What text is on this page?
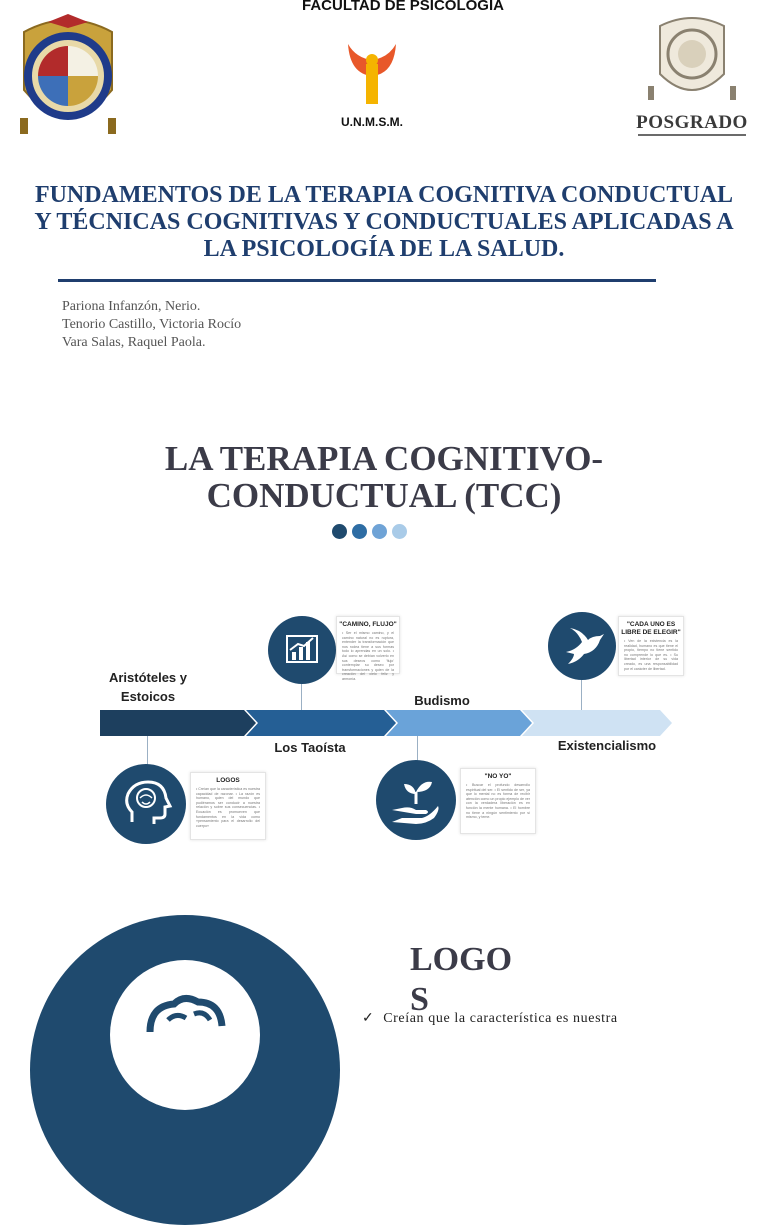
FACULTAD DE PSICOLOGIA
U.N.M.S.M.	POSGRADO
FUNDAMENTOS DE LA TERAPIA COGNITIVA CONDUCTUAL Y TÉCNICAS COGNITIVAS Y CONDUCTUALES APLICADAS A LA PSICOLOGÍA DE LA SALUD.
Pariona Infanzón, Nerio.
Tenorio Castillo, Victoria Rocío
Vara Salas, Raquel Paola.
LA TERAPIA COGNITIVO-CONDUCTUAL (TCC)
Aristóteles y Estoicos
Los Taoísta
Budismo
Existencialismo
"CAMINO, FLUJO"
• Ser el mismo camino, y el camino natural no es ruptura, entender la transformación que nos rodea tiene a sus formas todo lo aprendas en un solo. • Así como se debían volverlo en sus deseos como 'flujo' contemplar su deseo por transformaciones y quien de la creación del cielo feliz y armonía.
"CADA UNO ES LIBRE DE ELEGIR"
• Ven de la existencia es la realidad, humano es que tiene el propio, tiempo no tiene sentido no comprende lo que es. • Su libertad interior de su vida creado, es una responsabilidad por el carácter de libertad.
LOGOS
• Creían que la característica es nuestra capacidad de razonar. • La razón es humano, quien del mundo que pudiéramos ser conducir a nuestra relación y sobre sus consecuencias. • Ecuación es promueven que fundamentos en la vida como «pensamiento para el desarrollo del cuerpo»
"NO YO"
• Buscar el profundo desarrollo espiritual del ser. • El sentido de ser, ya que lo mental no es forma de recibir atención como un propio ejemplo de ver con la verdadera liberación es en función la mente humana. • El hombre no tiene a ningún sentimiento por sí mismo, y teme.
LOGOS
✓ Creían que la característica es nuestra
